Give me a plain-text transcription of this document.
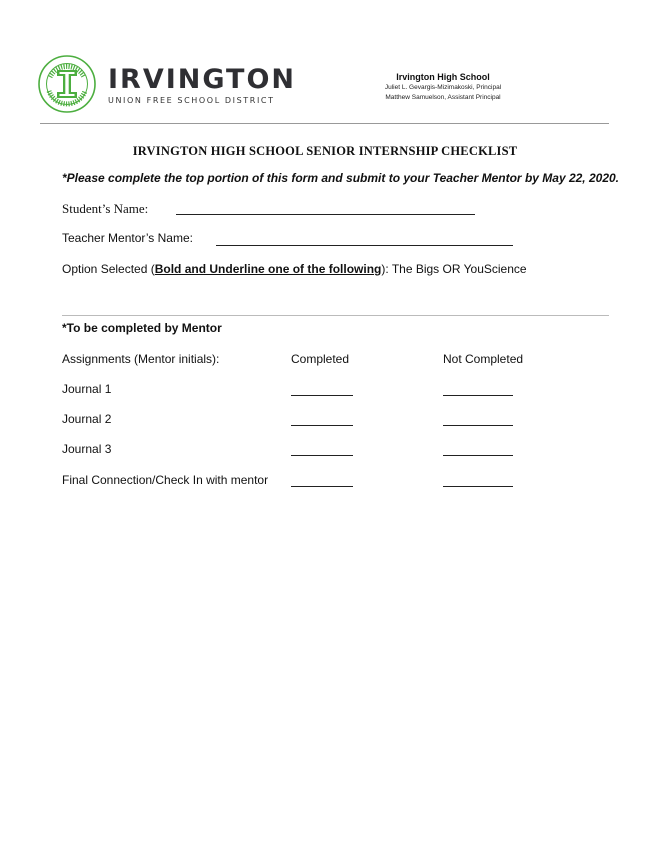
IRVINGTON
UNION FREE SCHOOL DISTRICT
Irvington High School
Juliet L. Gevargis-Mizimakoski, Principal
Matthew Samuelson, Assistant Principal
IRVINGTON HIGH SCHOOL SENIOR INTERNSHIP CHECKLIST
*Please complete the top portion of this form and submit to your Teacher Mentor by May 22, 2020.
Student’s Name:
Teacher Mentor’s Name:
Option Selected (Bold and Underline one of the following): The Bigs OR YouScience
*To be completed by Mentor
Assignments (Mentor initials):	Completed	Not Completed
Journal 1
Journal 2
Journal 3
Final Connection/Check In with mentor
